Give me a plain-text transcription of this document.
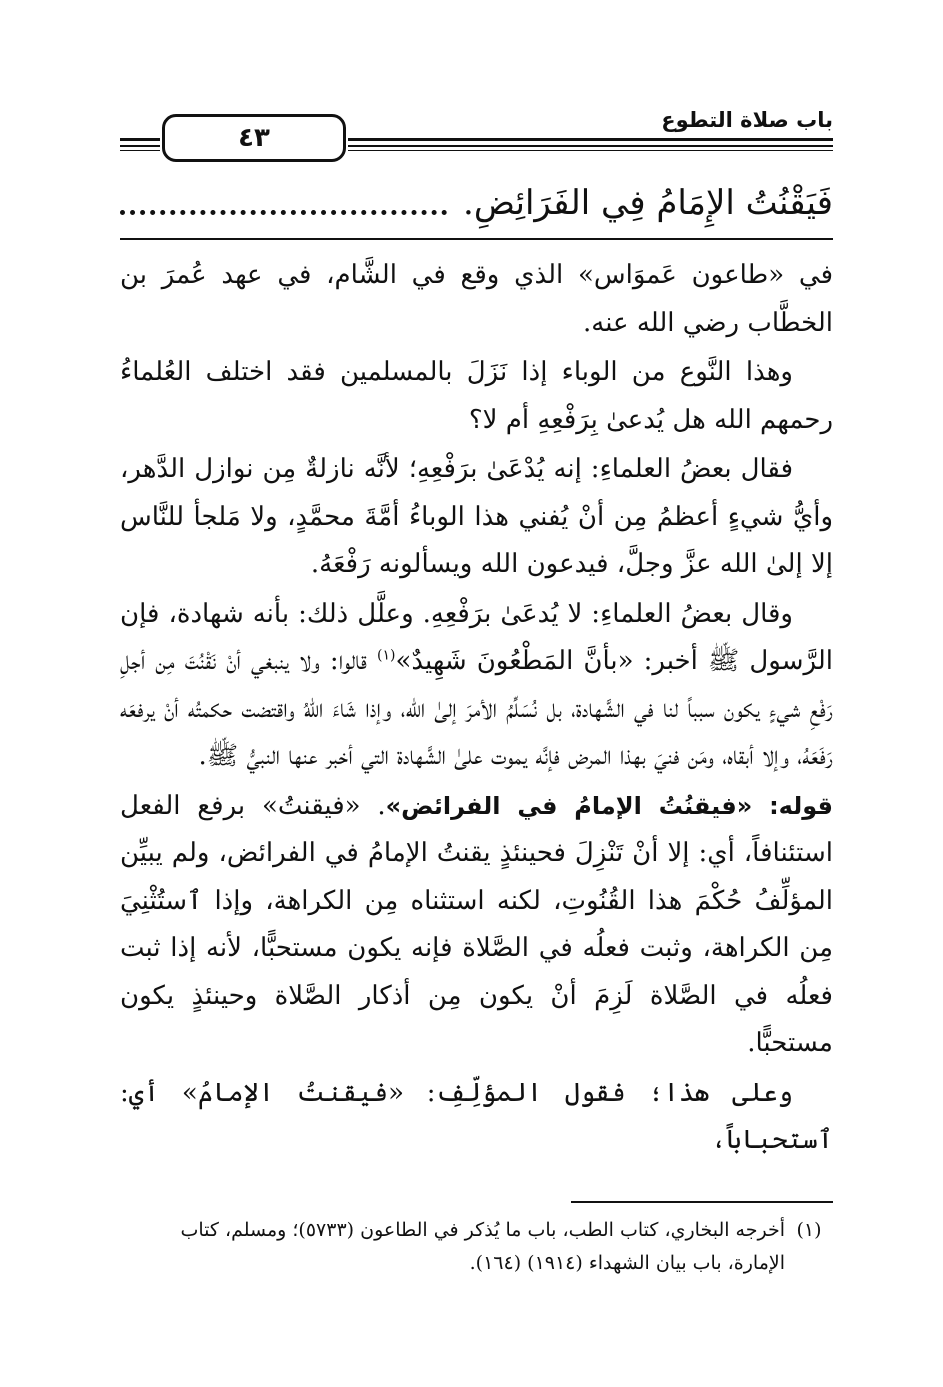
٤٣
باب صلاة التطوع
فَيَقْنُتُ الإِمَامُ فِي الفَرَائِضِ.

في «طاعون عَموَاس» الذي وقع في الشَّام، في عهد عُمرَ بن الخطَّاب رضي الله عنه.

وهذا النَّوع من الوباء إذا نَزَلَ بالمسلمين فقد اختلف العُلماءُ رحمهم الله هل يُدعىٰ بِرَفْعِهِ أم لا؟

فقال بعضُ العلماءِ: إنه يُدْعَىٰ برَفْعِهِ؛ لأنَّه نازلةٌ مِن نوازل الدَّهر، وأيُّ شيءٍ أعظمُ مِن أنْ يُفني هذا الوباءُ أمَّةَ محمَّدٍ، ولا مَلجأ للنَّاس إلا إلىٰ الله عزَّ وجلَّ، فيدعون الله ويسألونه رَفْعَهُ.

وقال بعضُ العلماءِ: لا يُدعَىٰ برَفْعِهِ. وعلَّل ذلك: بأنه شهادة، فإن الرَّسول ﷺ أخبر: «بأنَّ المَطْعُونَ شَهِيدٌ»$^{(١)}$ قالوا: ولا ينبغي أنْ نَقْنُتَ مِن أجلِ رَفْعِ شيءٍ يكون سبباً لنا في الشَّهادة، بل نُسَلِّمُ الأمرَ إلىٰ الله، وإذا شَاءَ اللهُ واقتضت حكمتُه أنْ يرفعَه رَفَعَهُ، وإلا أبقاه، ومَن فنيَ بهذا المرض فإنَّه يموت علىٰ الشَّهادة التي أخبر عنها النبيُّ ﷺ.

قوله: «فيقنُتُ الإمامُ في الفرائض». «فيقنتُ» برفع الفعل استئنافاً، أي: إلا أنْ تَنْزِلَ فحينئذٍ يقنتُ الإمامُ في الفرائض، ولم يبيِّن المؤلِّفُ حُكْمَ هذا القُنُوتِ، لكنه استثناه مِن الكراهة، وإذا ٱستُثْنِيَ مِن الكراهة، وثبت فعلُه في الصَّلاة فإنه يكون مستحبًّا، لأنه إذا ثبت فعلُه في الصَّلاة لَزِمَ أنْ يكون مِن أذكار الصَّلاة وحينئذٍ يكون مستحبًّا.

وعلى هذا؛ فقول المؤلِّفِ: «فيقنتُ الإمامُ» أي: ٱستحباباً،

(١)
أخرجه البخاري، كتاب الطب، باب ما يُذكر في الطاعون (٥٧٣٣)؛ ومسلم، كتاب الإمارة، باب بيان الشهداء (١٩١٤) (١٦٤).
